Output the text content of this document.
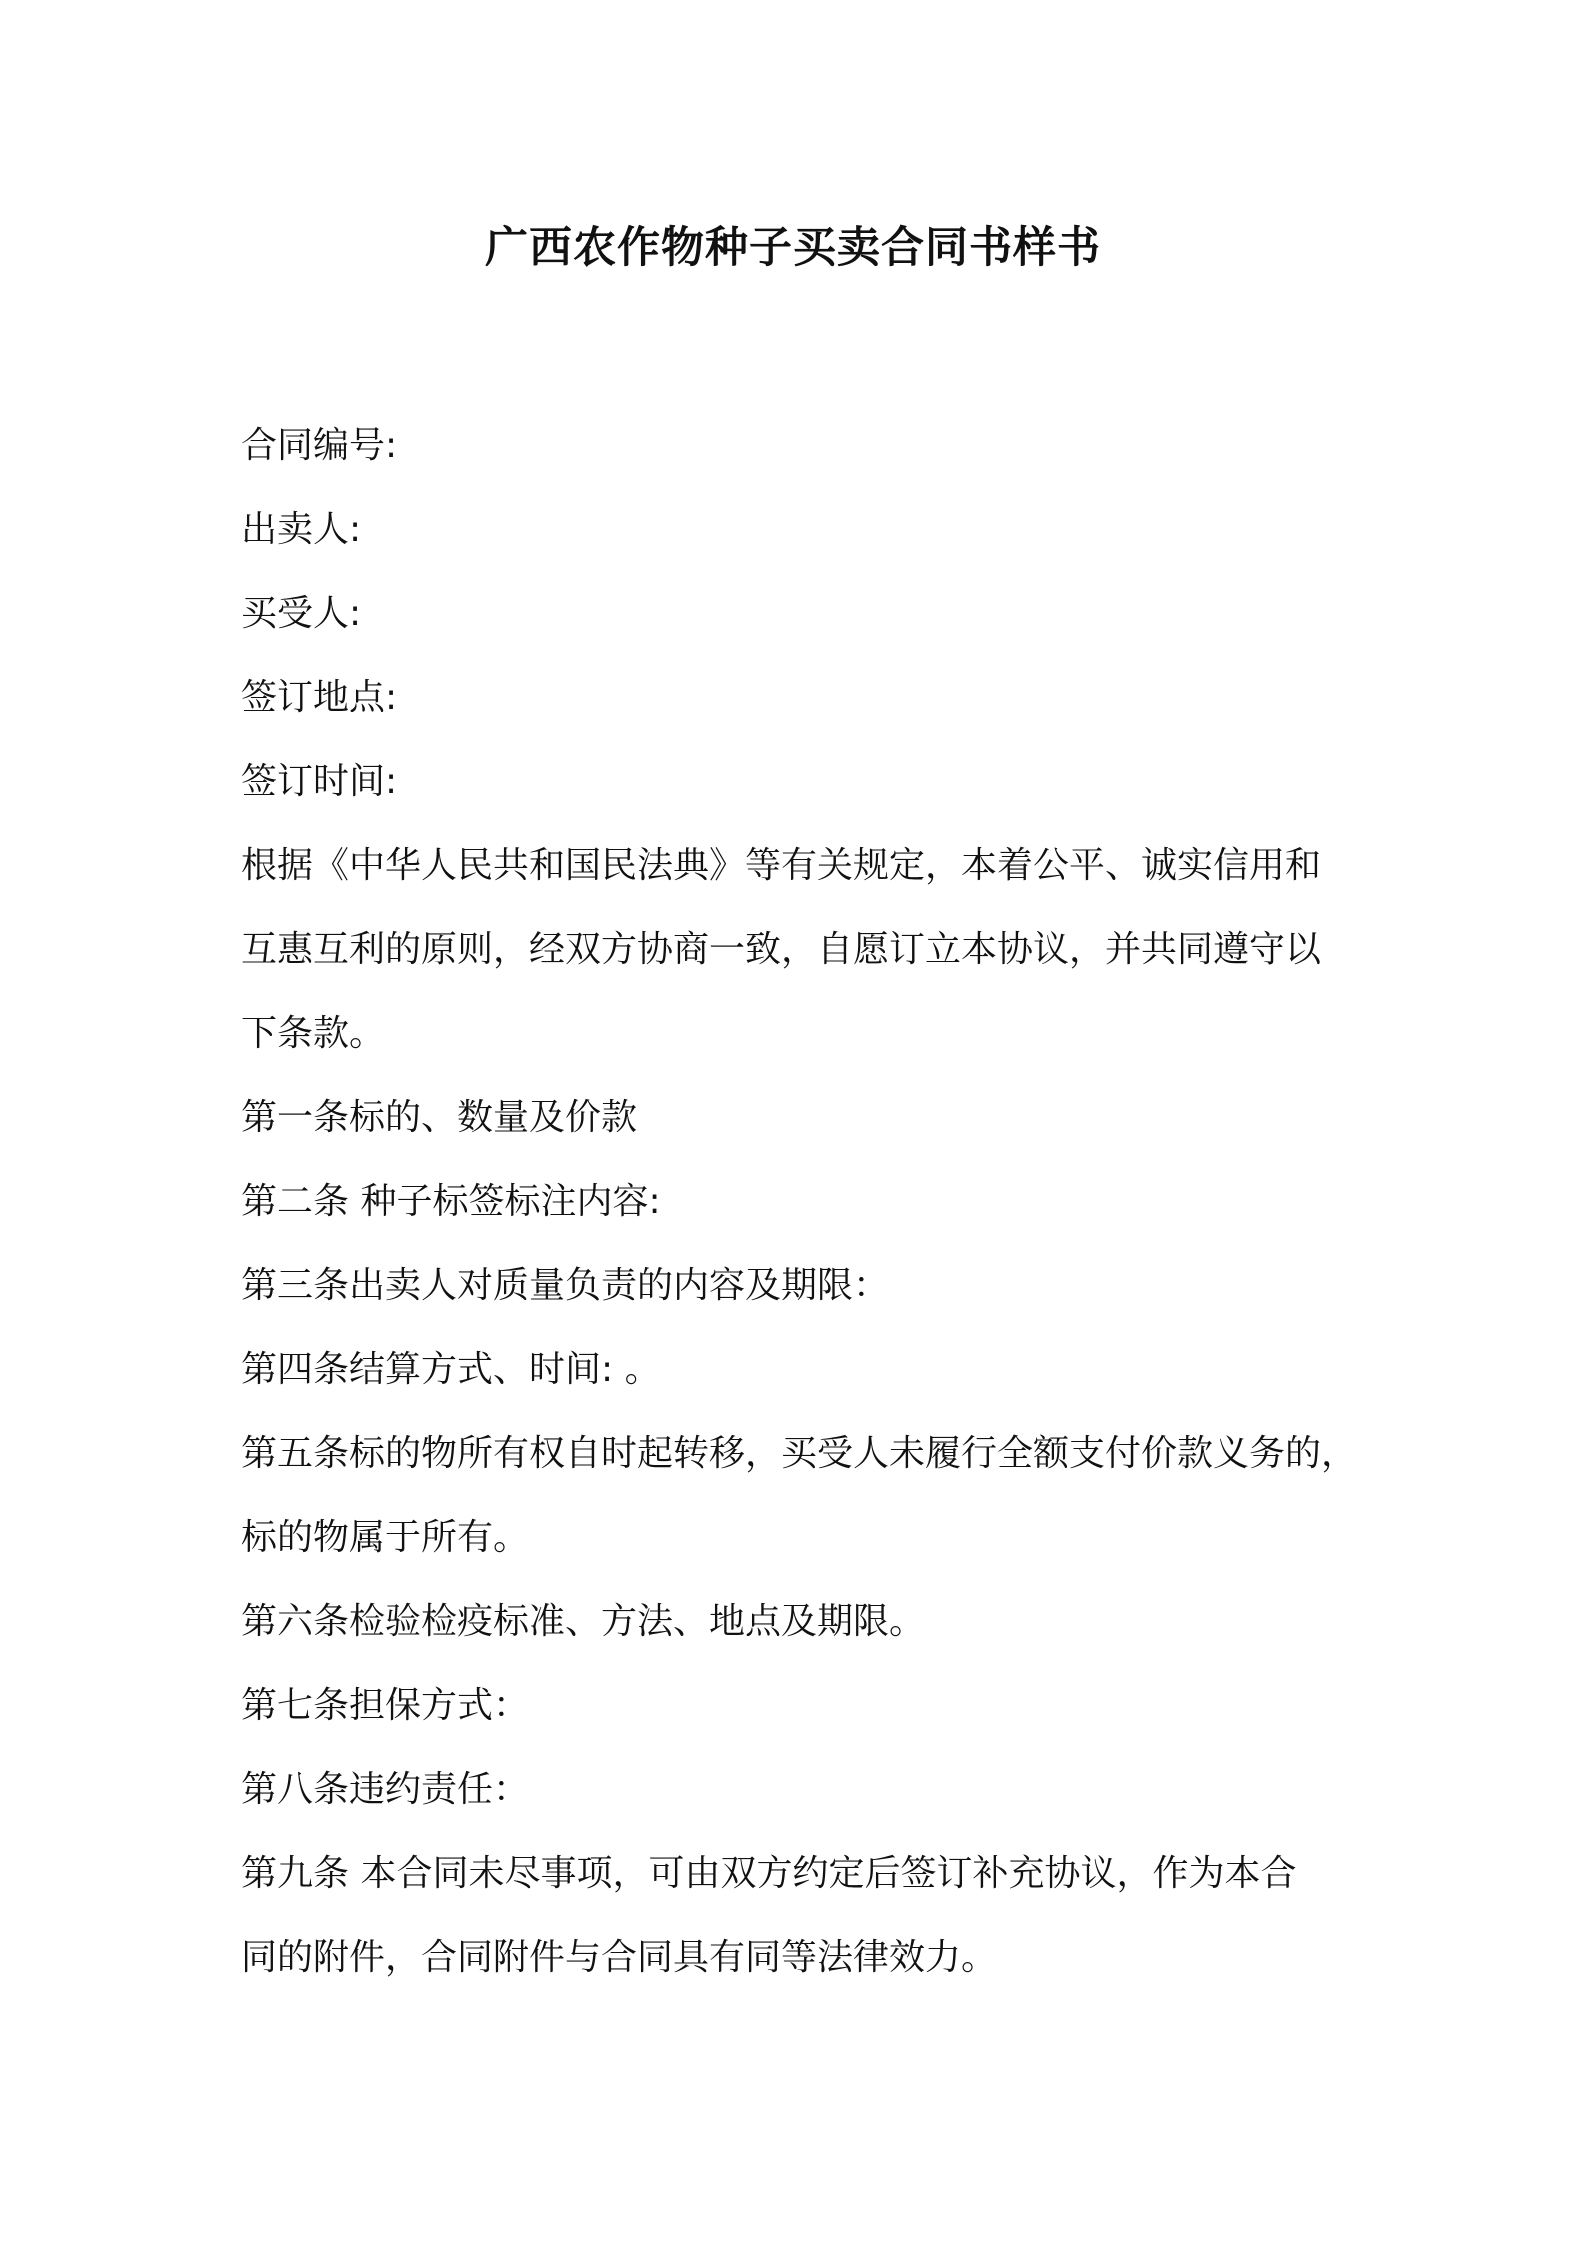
广西农作物种子买卖合同书样书
合同编号:
出卖人:
买受人:
签订地点:
签订时间:
根据《中华人民共和国民法典》等有关规定，本着公平、诚实信用和
互惠互利的原则，经双方协商一致，自愿订立本协议，并共同遵守以
下条款。
第一条标的、数量及价款
第二条 种子标签标注内容:
第三条出卖人对质量负责的内容及期限：
第四条结算方式、时间: 。
第五条标的物所有权自时起转移，买受人未履行全额支付价款义务的，
标的物属于所有。
第六条检验检疫标准、方法、地点及期限。
第七条担保方式：
第八条违约责任：
第九条 本合同未尽事项，可由双方约定后签订补充协议，作为本合
同的附件，合同附件与合同具有同等法律效力。
